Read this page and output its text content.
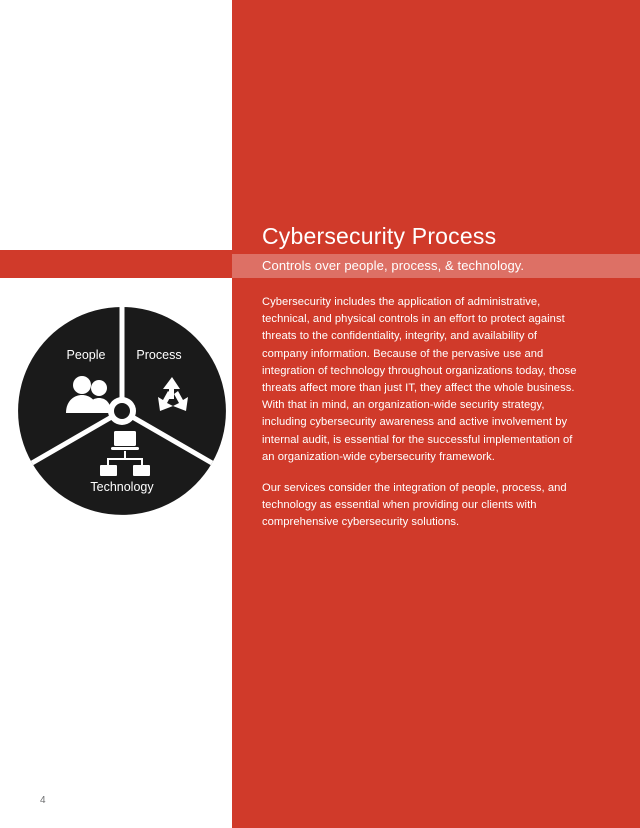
Cybersecurity Process
Controls over people, process, & technology.

Cybersecurity includes the application of administrative, technical, and physical controls in an effort to protect against threats to the confidentiality, integrity, and availability of company information. Because of the pervasive use and integration of technology throughout organizations today, those threats affect more than just IT, they affect the whole business. With that in mind, an organization-wide security strategy, including cybersecurity awareness and active involvement by internal audit, is essential for the successful implementation of an organization-wide cybersecurity framework.

Our services consider the integration of people, process, and technology as essential when providing our clients with comprehensive cybersecurity solutions.

People Process
Technology
4
